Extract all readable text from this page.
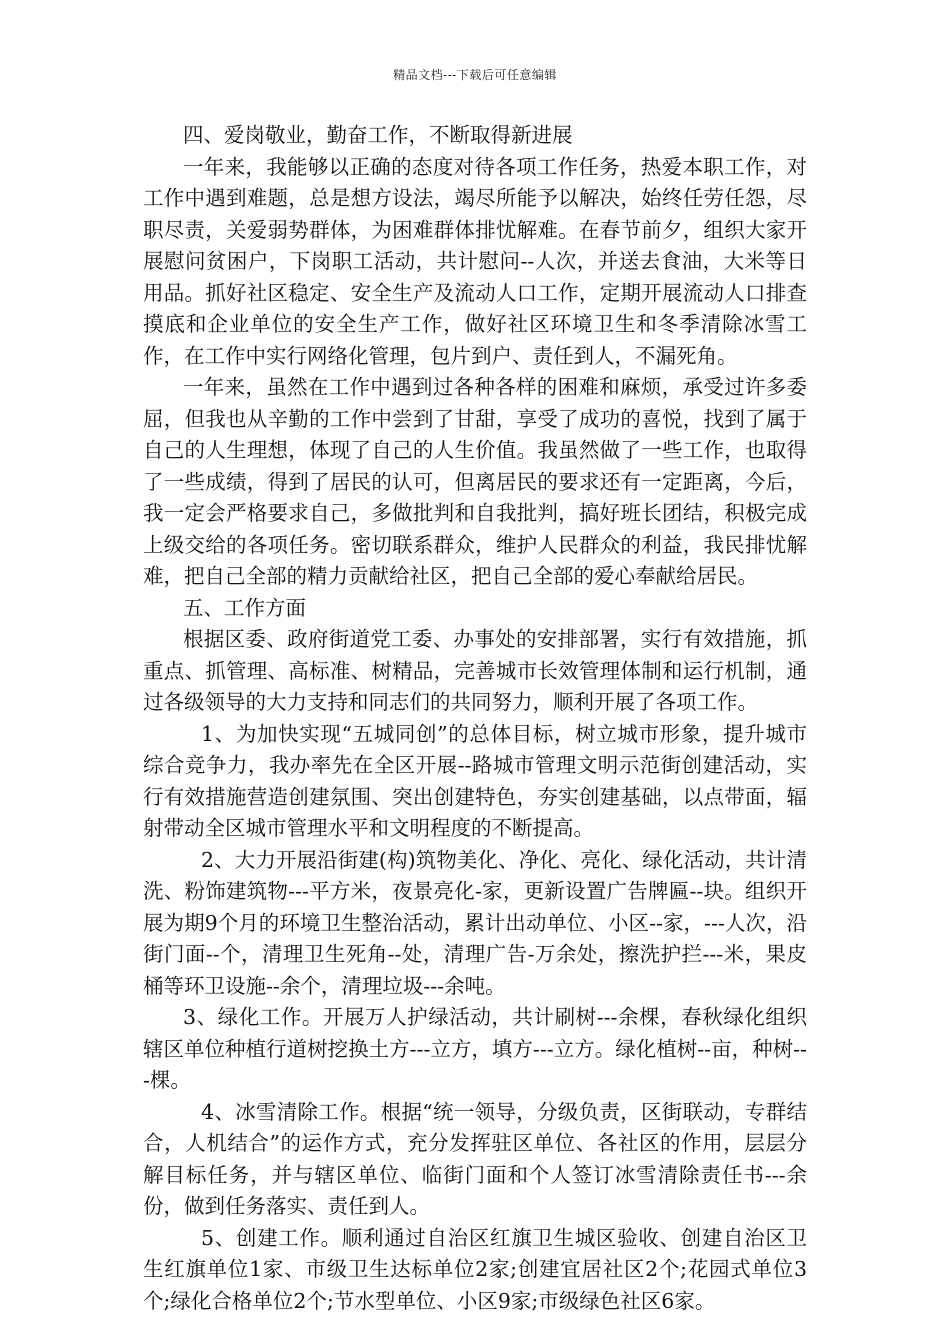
精品文档---下载后可任意编辑

四、爱岗敬业，勤奋工作，不断取得新进展

一年来，我能够以正确的态度对待各项工作任务，热爱本职工作，对工作中遇到难题，总是想方设法，竭尽所能予以解决，始终任劳任怨，尽职尽责，关爱弱势群体，为困难群体排忧解难。在春节前夕，组织大家开展慰问贫困户，下岗职工活动，共计慰问--人次，并送去食油，大米等日用品。抓好社区稳定、安全生产及流动人口工作，定期开展流动人口排查摸底和企业单位的安全生产工作，做好社区环境卫生和冬季清除冰雪工作，在工作中实行网络化管理，包片到户、责任到人，不漏死角。

一年来，虽然在工作中遇到过各种各样的困难和麻烦，承受过许多委屈，但我也从辛勤的工作中尝到了甘甜，享受了成功的喜悦，找到了属于自己的人生理想，体现了自己的人生价值。我虽然做了一些工作，也取得了一些成绩，得到了居民的认可，但离居民的要求还有一定距离，今后，我一定会严格要求自己，多做批判和自我批判，搞好班长团结，积极完成上级交给的各项任务。密切联系群众，维护人民群众的利益，我民排忧解难，把自己全部的精力贡献给社区，把自己全部的爱心奉献给居民。

五、工作方面

根据区委、政府街道党工委、办事处的安排部署，实行有效措施，抓重点、抓管理、高标准、树精品，完善城市长效管理体制和运行机制，通过各级领导的大力支持和同志们的共同努力，顺利开展了各项工作。

1、为加快实现“五城同创”的总体目标，树立城市形象，提升城市综合竞争力，我办率先在全区开展--路城市管理文明示范街创建活动，实行有效措施营造创建氛围、突出创建特色，夯实创建基础，以点带面，辐射带动全区城市管理水平和文明程度的不断提高。

2、大力开展沿街建(构)筑物美化、净化、亮化、绿化活动，共计清洗、粉饰建筑物---平方米，夜景亮化-家，更新设置广告牌匾--块。组织开展为期9个月的环境卫生整治活动，累计出动单位、小区--家，---人次，沿街门面--个，清理卫生死角--处，清理广告-万余处，擦洗护拦---米，果皮桶等环卫设施--余个，清理垃圾---余吨。

3、绿化工作。开展万人护绿活动，共计刷树---余棵，春秋绿化组织辖区单位种植行道树挖换土方---立方，填方---立方。绿化植树--亩，种树---棵。

4、冰雪清除工作。根据“统一领导，分级负责，区街联动，专群结合，人机结合”的运作方式，充分发挥驻区单位、各社区的作用，层层分解目标任务，并与辖区单位、临街门面和个人签订冰雪清除责任书---余份，做到任务落实、责任到人。

5、创建工作。顺利通过自治区红旗卫生城区验收、创建自治区卫生红旗单位1家、市级卫生达标单位2家;创建宜居社区2个;花园式单位3个;绿化合格单位2个;节水型单位、小区9家;市级绿色社区6家。
